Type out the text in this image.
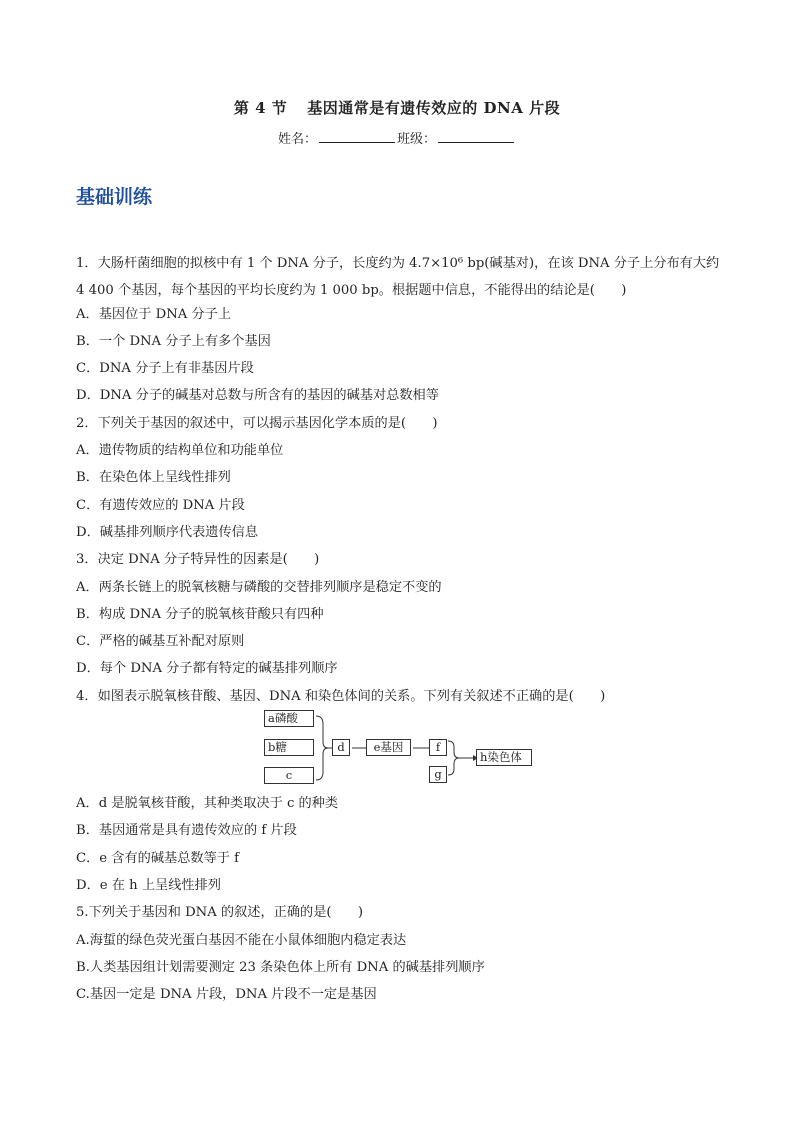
第 4 节 基因通常是有遗传效应的 DNA 片段
姓名：	班级：
基础训练
1．大肠杆菌细胞的拟核中有 1 个 DNA 分子，长度约为 4.7×10⁶ bp(碱基对)，在该 DNA 分子上分布有大约 4 400 个基因，每个基因的平均长度约为 1 000 bp。根据题中信息，不能得出的结论是(　　)
A．基因位于 DNA 分子上
B．一个 DNA 分子上有多个基因
C．DNA 分子上有非基因片段
D．DNA 分子的碱基对总数与所含有的基因的碱基对总数相等
2．下列关于基因的叙述中，可以揭示基因化学本质的是(　　)
A．遗传物质的结构单位和功能单位
B．在染色体上呈线性排列
C．有遗传效应的 DNA 片段
D．碱基排列顺序代表遗传信息
3．决定 DNA 分子特异性的因素是(　　)
A．两条长链上的脱氧核糖与磷酸的交替排列顺序是稳定不变的
B．构成 DNA 分子的脱氧核苷酸只有四种
C．严格的碱基互补配对原则
D．每个 DNA 分子都有特定的碱基排列顺序
4．如图表示脱氧核苷酸、基因、DNA 和染色体间的关系。下列有关叙述不正确的是(　　)
a磷酸
b糖
c
d	e基因	f
g
h染色体
A．d 是脱氧核苷酸，其种类取决于 c 的种类
B．基因通常是具有遗传效应的 f 片段
C．e 含有的碱基总数等于 f
D．e 在 h 上呈线性排列
5.下列关于基因和 DNA 的叙述，正确的是(　　)
A.海蜇的绿色荧光蛋白基因不能在小鼠体细胞内稳定表达
B.人类基因组计划需要测定 23 条染色体上所有 DNA 的碱基排列顺序
C.基因一定是 DNA 片段，DNA 片段不一定是基因
